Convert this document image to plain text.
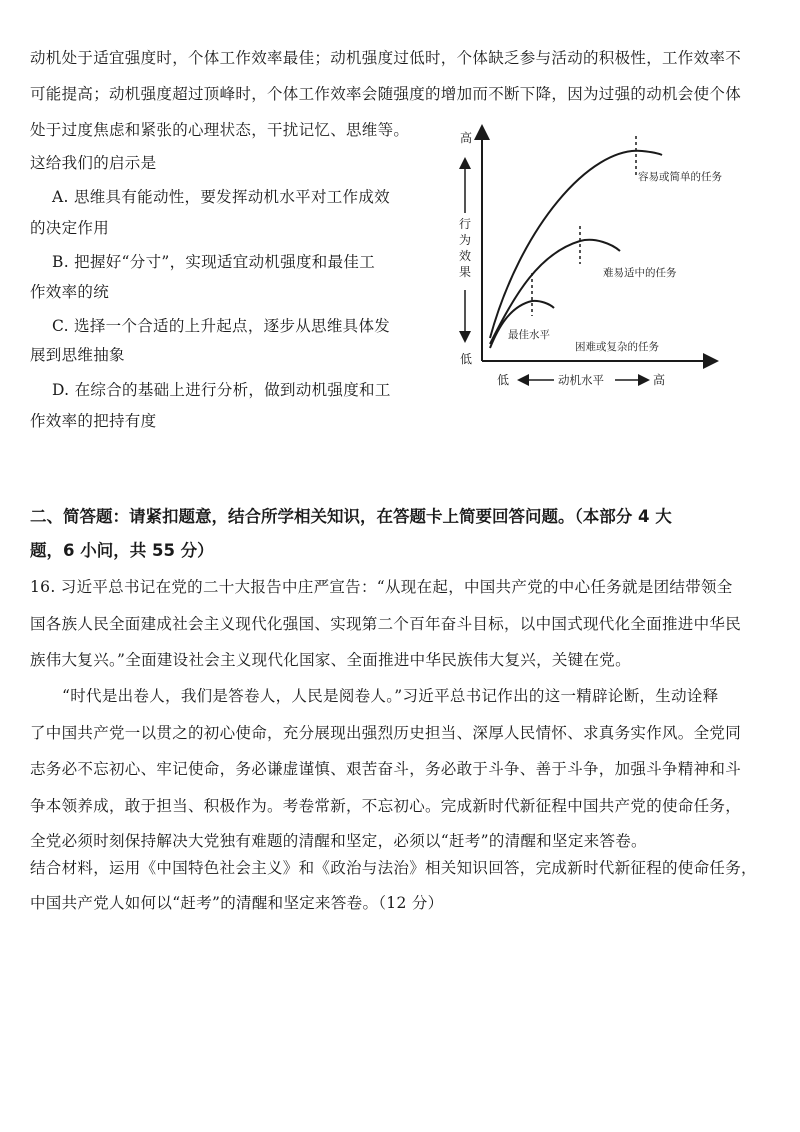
动机处于适宜强度时，个体工作效率最佳；动机强度过低时，个体缺乏参与活动的积极性，工作效率不
可能提高；动机强度超过顶峰时，个体工作效率会随强度的增加而不断下降，因为过强的动机会使个体
处于过度焦虑和紧张的心理状态，干扰记忆、思维等。
这给我们的启示是
A. 思维具有能动性，要发挥动机水平对工作成效
的决定作用
B. 把握好“分寸”，实现适宜动机强度和最佳工
作效率的统
C. 选择一个合适的上升起点，逐步从思维具体发
展到思维抽象
D. 在综合的基础上进行分析，做到动机强度和工
作效率的把持有度
高
行为效果
低
容易或简单的任务
难易适中的任务
困难或复杂的任务
最佳水平
低	动机水平	高
二、简答题：请紧扣题意，结合所学相关知识，在答题卡上简要回答问题。（本部分 4 大
题，6 小问，共 55 分）
16. 习近平总书记在党的二十大报告中庄严宣告：“从现在起，中国共产党的中心任务就是团结带领全
国各族人民全面建成社会主义现代化强国、实现第二个百年奋斗目标，以中国式现代化全面推进中华民
族伟大复兴。”全面建设社会主义现代化国家、全面推进中华民族伟大复兴，关键在党。
“时代是出卷人，我们是答卷人，人民是阅卷人。”习近平总书记作出的这一精辟论断，生动诠释
了中国共产党一以贯之的初心使命，充分展现出强烈历史担当、深厚人民情怀、求真务实作风。全党同
志务必不忘初心、牢记使命，务必谦虚谨慎、艰苦奋斗，务必敢于斗争、善于斗争，加强斗争精神和斗
争本领养成，敢于担当、积极作为。考卷常新，不忘初心。完成新时代新征程中国共产党的使命任务，
全党必须时刻保持解决大党独有难题的清醒和坚定，必须以“赶考”的清醒和坚定来答卷。
结合材料，运用《中国特色社会主义》和《政治与法治》相关知识回答，完成新时代新征程的使命任务，
中国共产党人如何以“赶考”的清醒和坚定来答卷。（12 分）
